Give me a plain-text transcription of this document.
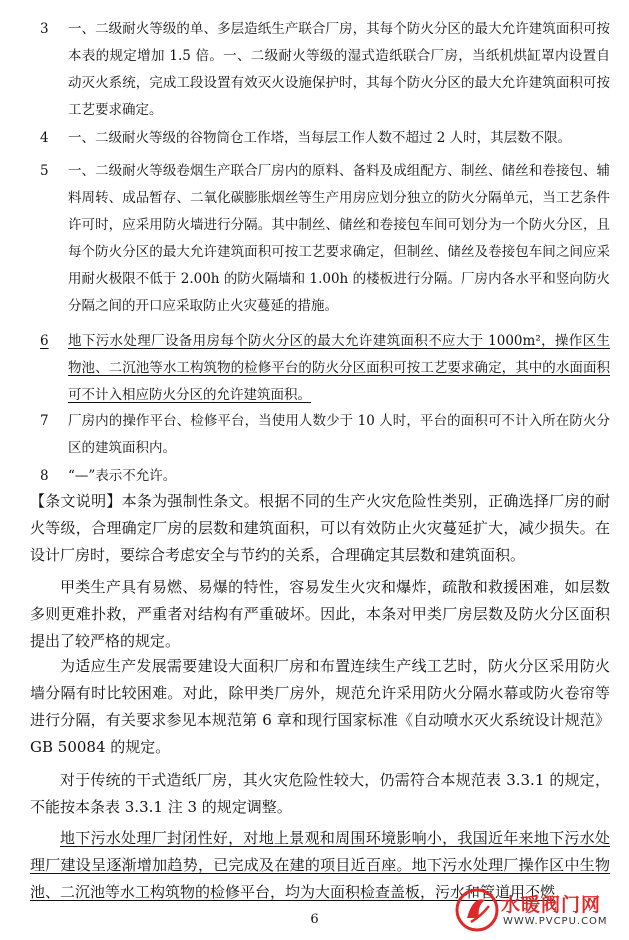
3	一、二级耐火等级的单、多层造纸生产联合厂房，其每个防火分区的最大允许建筑面积可按本表的规定增加 1.5 倍。一、二级耐火等级的湿式造纸联合厂房，当纸机烘缸罩内设置自动灭火系统，完成工段设置有效灭火设施保护时，其每个防火分区的最大允许建筑面积可按工艺要求确定。
4	一、二级耐火等级的谷物筒仓工作塔，当每层工作人数不超过 2 人时，其层数不限。
5	一、二级耐火等级卷烟生产联合厂房内的原料、备料及成组配方、制丝、储丝和卷接包、辅料周转、成品暂存、二氧化碳膨胀烟丝等生产用房应划分独立的防火分隔单元，当工艺条件许可时，应采用防火墙进行分隔。其中制丝、储丝和卷接包车间可划分为一个防火分区，且每个防火分区的最大允许建筑面积可按工艺要求确定，但制丝、储丝及卷接包车间之间应采用耐火极限不低于 2.00h 的防火隔墙和 1.00h 的楼板进行分隔。厂房内各水平和竖向防火分隔之间的开口应采取防止火灾蔓延的措施。
6	地下污水处理厂设备用房每个防火分区的最大允许建筑面积不应大于 1000m²，操作区生物池、二沉池等水工构筑物的检修平台的防火分区面积可按工艺要求确定，其中的水面面积可不计入相应防火分区的允许建筑面积。
7	厂房内的操作平台、检修平台，当使用人数少于 10 人时，平台的面积可不计入所在防火分区的建筑面积内。
8	“—”表示不允许。
【条文说明】本条为强制性条文。根据不同的生产火灾危险性类别，正确选择厂房的耐火等级，合理确定厂房的层数和建筑面积，可以有效防止火灾蔓延扩大，减少损失。在设计厂房时，要综合考虑安全与节约的关系，合理确定其层数和建筑面积。
甲类生产具有易燃、易爆的特性，容易发生火灾和爆炸，疏散和救援困难，如层数多则更难扑救，严重者对结构有严重破坏。因此，本条对甲类厂房层数及防火分区面积提出了较严格的规定。
为适应生产发展需要建设大面积厂房和布置连续生产线工艺时，防火分区采用防火墙分隔有时比较困难。对此，除甲类厂房外，规范允许采用防火分隔水幕或防火卷帘等进行分隔，有关要求参见本规范第 6 章和现行国家标准《自动喷水灭火系统设计规范》GB 50084 的规定。
对于传统的干式造纸厂房，其火灾危险性较大，仍需符合本规范表 3.3.1 的规定，不能按本条表 3.3.1 注 3 的规定调整。
地下污水处理厂封闭性好，对地上景观和周围环境影响小，我国近年来地下污水处理厂建设呈逐渐增加趋势，已完成及在建的项目近百座。地下污水处理厂操作区中生物池、二沉池等水工构筑物的检修平台，均为大面积检查盖板，污水和管道用不燃
6
水暖阀门网
WWW.PVCPU.COM
